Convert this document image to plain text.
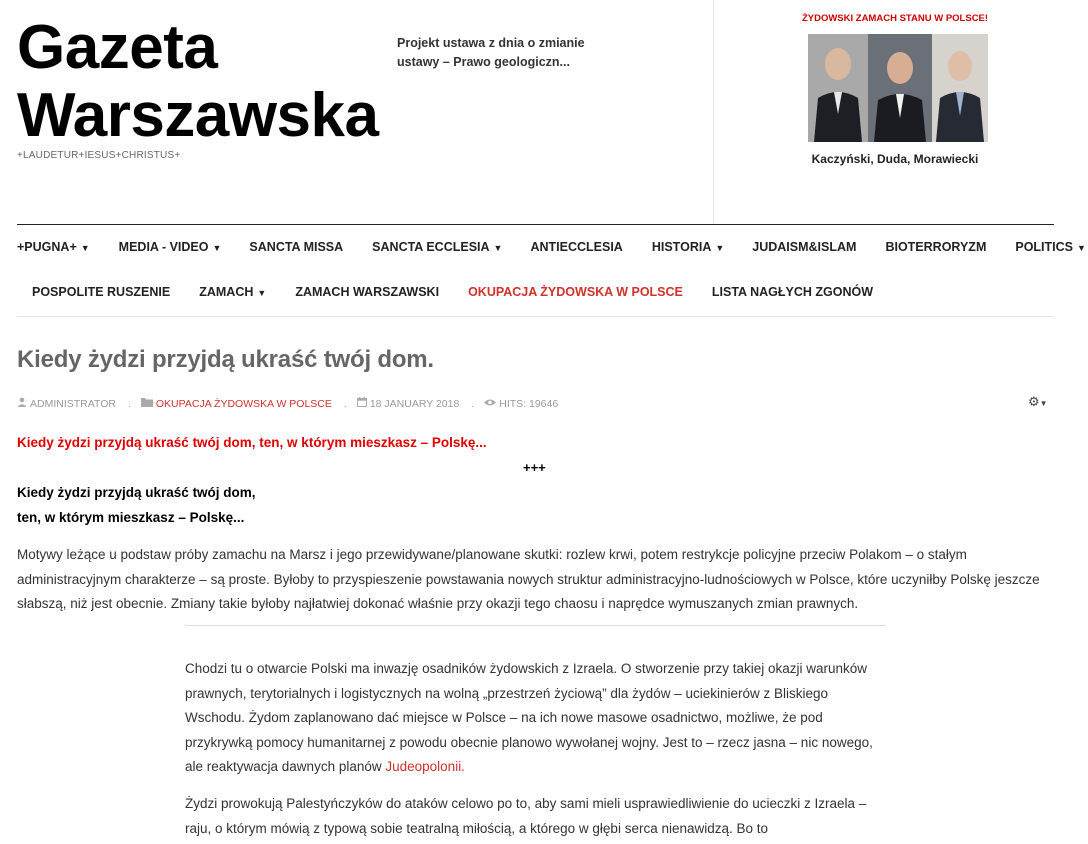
Gazeta
Warszawska
+LAUDETUR+IESUS+CHRISTUS+
Projekt ustawa z dnia o zmianie ustawy – Prawo geologiczn...
ŻYDOWSKI ZAMACH STANU W POLSCE!
Kaczyński, Duda, Morawiecki
+PUGNA+ ▼ MEDIA - VIDEO ▼ SANCTA MISSA SANCTA ECCLESIA ▼ ANTIECCLESIA HISTORIA ▼ JUDAISM&ISLAM BIOTERRORYZM POLITICS ▼
POSPOLITE RUSZENIE ZAMACH ▼ ZAMACH WARSZAWSKI OKUPACJA ŻYDOWSKA W POLSCE LISTA NAGŁYCH ZGONÓW
Kiedy żydzi przyjdą ukraść twój dom.
ADMINISTRATOR . OKUPACJA ŻYDOWSKA W POLSCE . 18 JANUARY 2018 . HITS: 19646	⚙▼
Kiedy żydzi przyjdą ukraść twój dom, ten, w którym mieszkasz – Polskę...
+++
Kiedy żydzi przyjdą ukraść twój dom,
ten, w którym mieszkasz – Polskę...
Motywy leżące u podstaw próby zamachu na Marsz i jego przewidywane/planowane skutki: rozlew krwi, potem restrykcje policyjne przeciw Polakom – o stałym administracyjnym charakterze – są proste. Byłoby to przyspieszenie powstawania nowych struktur administracyjno-ludnościowych w Polsce, które uczyniłby Polskę jeszcze słabszą, niż jest obecnie. Zmiany takie byłoby najłatwiej dokonać właśnie przy okazji tego chaosu i naprędce wymuszanych zmian prawnych.
Chodzi tu o otwarcie Polski ma inwazję osadników żydowskich z Izraela. O stworzenie przy takiej okazji warunków prawnych, terytorialnych i logistycznych na wolną „przestrzeń życiową” dla żydów – uciekinierów z Bliskiego Wschodu. Żydom zaplanowano dać miejsce w Polsce – na ich nowe masowe osadnictwo, możliwe, że pod przykrywką pomocy humanitarnej z powodu obecnie planowo wywołanej wojny. Jest to – rzecz jasna – nic nowego, ale reaktywacja dawnych planów Judeopolonii.
Żydzi prowokują Palestyńczyków do ataków celowo po to, aby sami mieli usprawiedliwienie do ucieczki z Izraela – raju, o którym mówią z typową sobie teatralną miłością, a którego w głębi serca nienawidzą. Bo to
